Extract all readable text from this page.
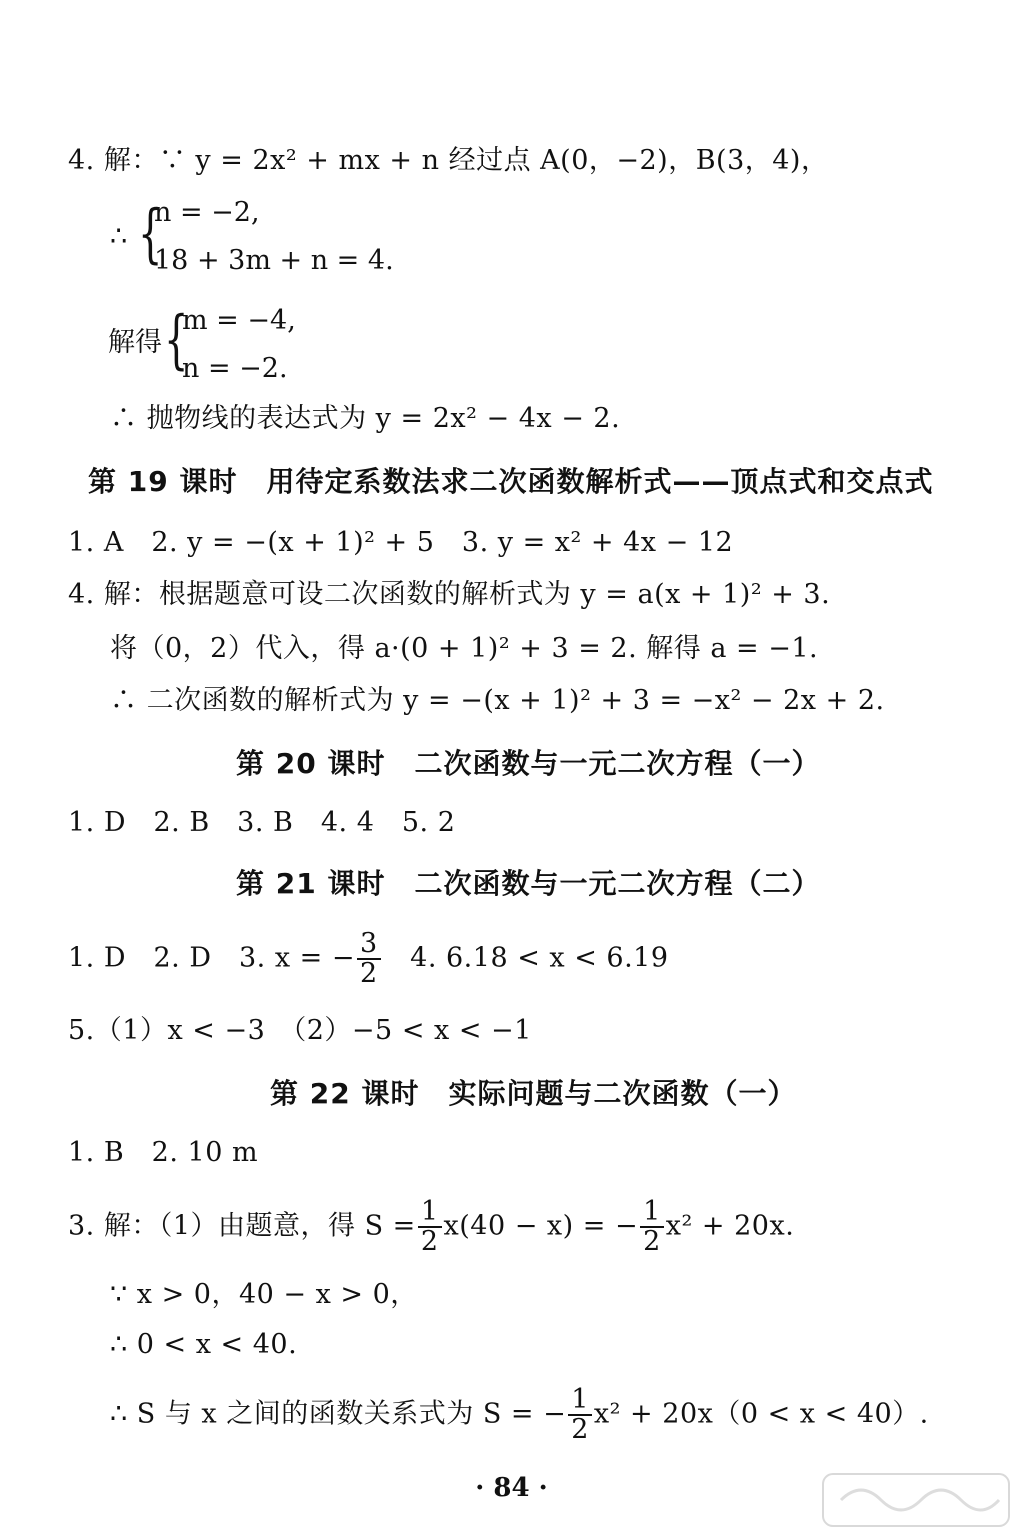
4. 解：∵ y = 2x² + mx + n 经过点 A(0，−2)，B(3，4)，
∴ {
n = −2,
18 + 3m + n = 4.
解得 {
m = −4,
n = −2.
∴ 抛物线的表达式为 y = 2x² − 4x − 2.
第 19 课时　用待定系数法求二次函数解析式——顶点式和交点式
1. A　2. y = −(x + 1)² + 5　3. y = x² + 4x − 12
4. 解：根据题意可设二次函数的解析式为 y = a(x + 1)² + 3.
将（0，2）代入，得 a·(0 + 1)² + 3 = 2. 解得 a = −1.
∴ 二次函数的解析式为 y = −(x + 1)² + 3 = −x² − 2x + 2.
第 20 课时　二次函数与一元二次方程（一）
1. D　2. B　3. B　4. 4　5. 2
第 21 课时　二次函数与一元二次方程（二）
1. D　2. D　3. x = − $\frac{3}{2}$ 　4. 6.18 < x < 6.19
5.（1）x < −3　（2）−5 < x < −1
第 22 课时　实际问题与二次函数（一）
1. B　2. 10 m
3. 解：（1）由题意，得 $S = \frac{1}{2} x(40 - x)$ = − $\frac{1}{2} x^2 + 20x$.
∵ x > 0，40 − x > 0，
∴ 0 < x < 40.
∴ S 与 x 之间的函数关系式为 S = − $\frac{1}{2} x^2 + 20x(0 < x < 40)$.
· 84 ·
